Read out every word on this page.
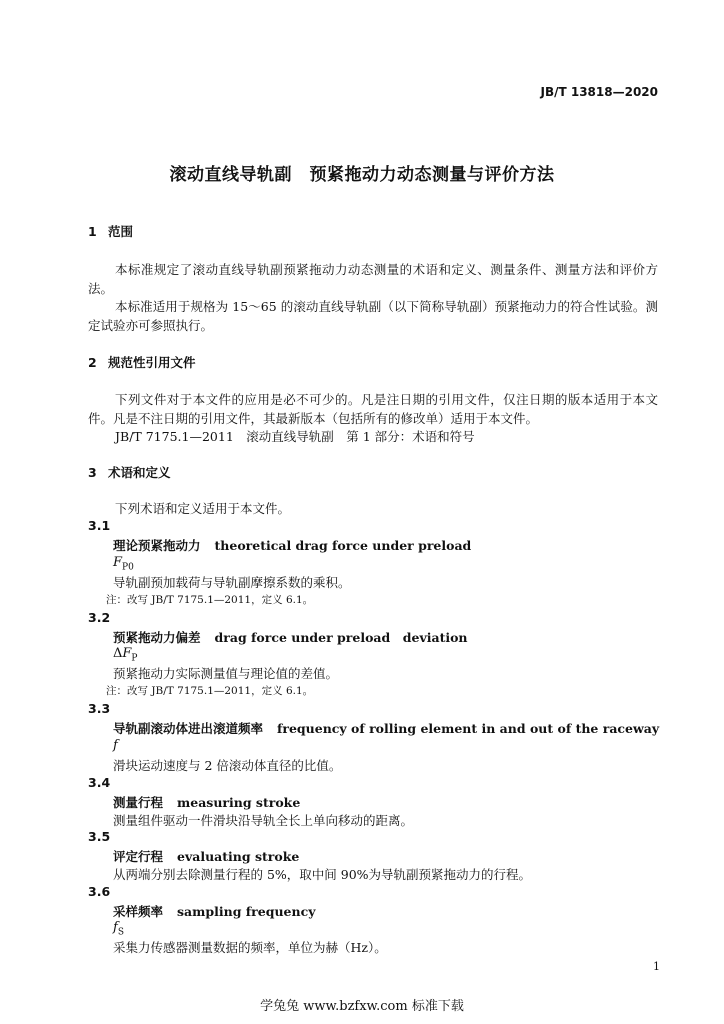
JB/T 13818—2020
滚动直线导轨副　预紧拖动力动态测量与评价方法
1 范围
本标准规定了滚动直线导轨副预紧拖动力动态测量的术语和定义、测量条件、测量方法和评价方法。
本标准适用于规格为 15～65 的滚动直线导轨副（以下简称导轨副）预紧拖动力的符合性试验。测定试验亦可参照执行。
2 规范性引用文件
下列文件对于本文件的应用是必不可少的。凡是注日期的引用文件，仅注日期的版本适用于本文件。凡是不注日期的引用文件，其最新版本（包括所有的修改单）适用于本文件。
JB/T 7175.1—2011　滚动直线导轨副　第 1 部分：术语和符号
3 术语和定义
下列术语和定义适用于本文件。
3.1
理论预紧拖动力 theoretical drag force under preload
$F_{P0}$
导轨副预加载荷与导轨副摩擦系数的乘积。
注：改写 JB/T 7175.1—2011，定义 6.1。
3.2
预紧拖动力偏差 drag force under preload　deviation
$\Delta F_P$
预紧拖动力实际测量值与理论值的差值。
注：改写 JB/T 7175.1—2011，定义 6.1。
3.3
导轨副滚动体进出滚道频率 frequency of rolling element in and out of the raceway
f
滑块运动速度与 2 倍滚动体直径的比值。
3.4
测量行程 measuring stroke
测量组件驱动一件滑块沿导轨全长上单向移动的距离。
3.5
评定行程 evaluating stroke
从两端分别去除测量行程的 5%，取中间 90%为导轨副预紧拖动力的行程。
3.6
采样频率 sampling frequency
$f_S$
采集力传感器测量数据的频率，单位为赫（Hz）。
1
学兔兔 www.bzfxw.com 标准下载
